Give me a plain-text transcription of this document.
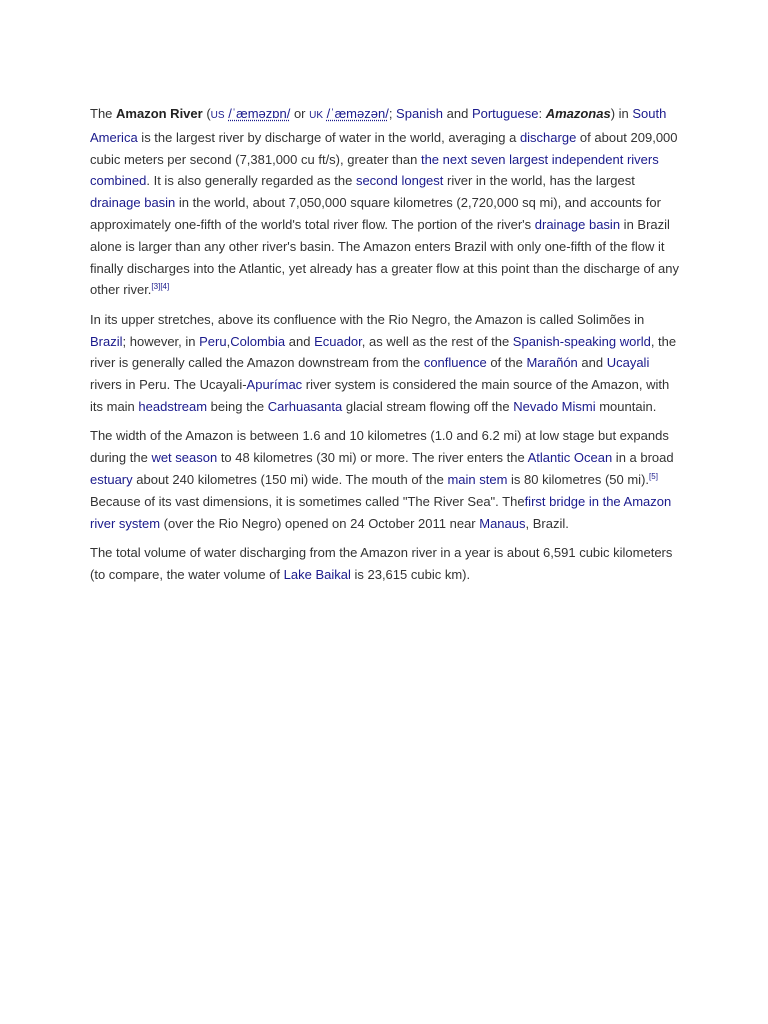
The Amazon River (US /ˈæməzɒn/ or UK /ˈæməzən/; Spanish and Portuguese: Amazonas) in South America is the largest river by discharge of water in the world, averaging a discharge of about 209,000 cubic meters per second (7,381,000 cu ft/s), greater than the next seven largest independent rivers combined. It is also generally regarded as the second longest river in the world, has the largest drainage basin in the world, about 7,050,000 square kilometres (2,720,000 sq mi), and accounts for approximately one-fifth of the world's total river flow. The portion of the river's drainage basin in Brazil alone is larger than any other river's basin. The Amazon enters Brazil with only one-fifth of the flow it finally discharges into the Atlantic, yet already has a greater flow at this point than the discharge of any other river.[3][4]

In its upper stretches, above its confluence with the Rio Negro, the Amazon is called Solimões in Brazil; however, in Peru,Colombia and Ecuador, as well as the rest of the Spanish-speaking world, the river is generally called the Amazon downstream from the confluence of the Marañón and Ucayali rivers in Peru. The Ucayali-Apurímac river system is considered the main source of the Amazon, with its main headstream being the Carhuasanta glacial stream flowing off the Nevado Mismi mountain.

The width of the Amazon is between 1.6 and 10 kilometres (1.0 and 6.2 mi) at low stage but expands during the wet season to 48 kilometres (30 mi) or more. The river enters the Atlantic Ocean in a broad estuary about 240 kilometres (150 mi) wide. The mouth of the main stem is 80 kilometres (50 mi).[5] Because of its vast dimensions, it is sometimes called "The River Sea". Thefirst bridge in the Amazon river system (over the Rio Negro) opened on 24 October 2011 near Manaus, Brazil.

The total volume of water discharging from the Amazon river in a year is about 6,591 cubic kilometers (to compare, the water volume of Lake Baikal is 23,615 cubic km).
